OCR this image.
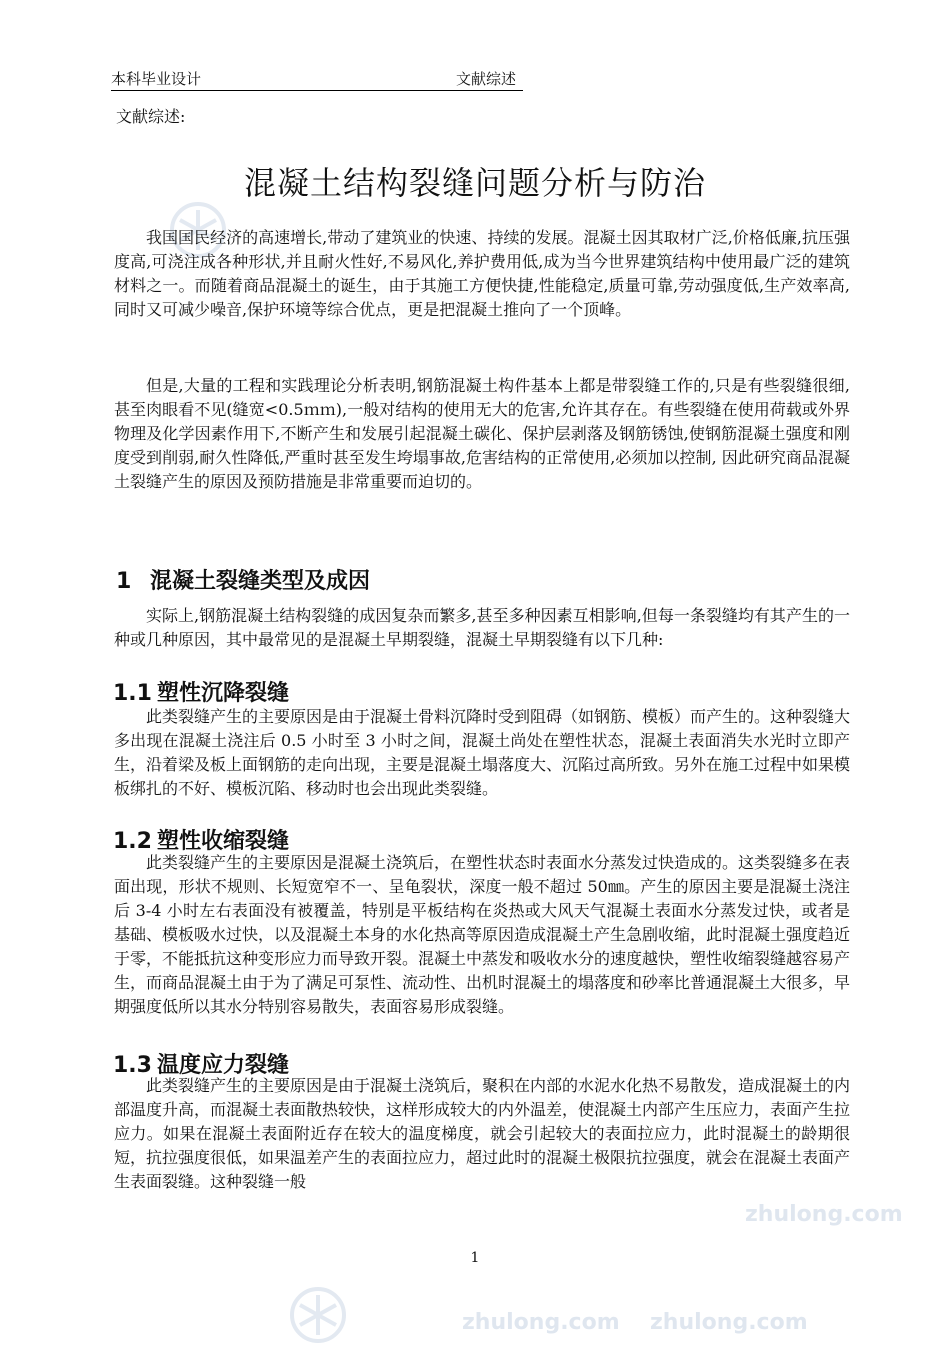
zhulong.com
zhulong.com zhulong.com
本科毕业设计	文献综述
文献综述:
混凝土结构裂缝问题分析与防治

我国国民经济的高速增长,带动了建筑业的快速、持续的发展。混凝土因其取材广泛,价格低廉,抗压强度高,可浇注成各种形状,并且耐火性好,不易风化,养护费用低,成为当今世界建筑结构中使用最广泛的建筑材料之一。而随着商品混凝土的诞生，由于其施工方便快捷,性能稳定,质量可靠,劳动强度低,生产效率高,同时又可减少噪音,保护环境等综合优点，更是把混凝土推向了一个顶峰。

但是,大量的工程和实践理论分析表明,钢筋混凝土构件基本上都是带裂缝工作的,只是有些裂缝很细,甚至肉眼看不见(缝宽<0.5ｍｍ),一般对结构的使用无大的危害,允许其存在。有些裂缝在使用荷载或外界物理及化学因素作用下,不断产生和发展引起混凝土碳化、保护层剥落及钢筋锈蚀,使钢筋混凝土强度和刚度受到削弱,耐久性降低,严重时甚至发生垮塌事故,危害结构的正常使用,必须加以控制, 因此研究商品混凝土裂缝产生的原因及预防措施是非常重要而迫切的。

1 混凝土裂缝类型及成因

实际上,钢筋混凝土结构裂缝的成因复杂而繁多,甚至多种因素互相影响,但每一条裂缝均有其产生的一种或几种原因，其中最常见的是混凝土早期裂缝，混凝土早期裂缝有以下几种:

1.1 塑性沉降裂缝

此类裂缝产生的主要原因是由于混凝土骨料沉降时受到阻碍（如钢筋、模板）而产生的。这种裂缝大多出现在混凝土浇注后 0.5 小时至 3 小时之间，混凝土尚处在塑性状态，混凝土表面消失水光时立即产生，沿着梁及板上面钢筋的走向出现，主要是混凝土塌落度大、沉陷过高所致。另外在施工过程中如果模板绑扎的不好、模板沉陷、移动时也会出现此类裂缝。

1.2 塑性收缩裂缝

此类裂缝产生的主要原因是混凝土浇筑后，在塑性状态时表面水分蒸发过快造成的。这类裂缝多在表面出现，形状不规则、长短宽窄不一、呈龟裂状，深度一般不超过 50㎜。产生的原因主要是混凝土浇注后 3-4 小时左右表面没有被覆盖，特别是平板结构在炎热或大风天气混凝土表面水分蒸发过快，或者是基础、模板吸水过快，以及混凝土本身的水化热高等原因造成混凝土产生急剧收缩，此时混凝土强度趋近于零，不能抵抗这种变形应力而导致开裂。混凝土中蒸发和吸收水分的速度越快，塑性收缩裂缝越容易产生，而商品混凝土由于为了满足可泵性、流动性、出机时混凝土的塌落度和砂率比普通混凝土大很多，早期强度低所以其水分特别容易散失，表面容易形成裂缝。

1.3 温度应力裂缝

此类裂缝产生的主要原因是由于混凝土浇筑后，聚积在内部的水泥水化热不易散发，造成混凝土的内部温度升高，而混凝土表面散热较快，这样形成较大的内外温差，使混凝土内部产生压应力，表面产生拉应力。如果在混凝土表面附近存在较大的温度梯度，就会引起较大的表面拉应力，此时混凝土的龄期很短，抗拉强度很低，如果温差产生的表面拉应力，超过此时的混凝土极限抗拉强度，就会在混凝土表面产生表面裂缝。这种裂缝一般

1
